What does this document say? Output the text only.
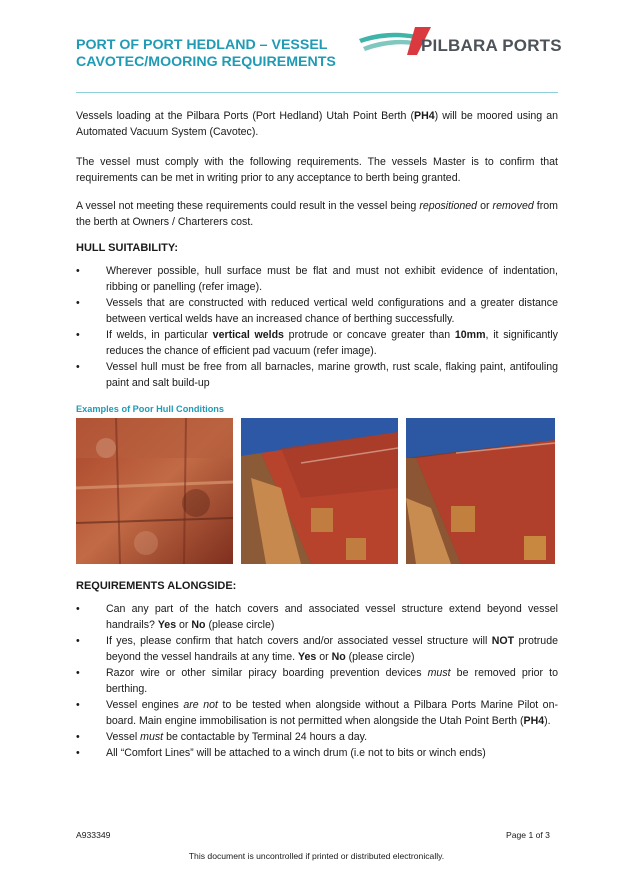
PORT OF PORT HEDLAND – VESSEL
CAVOTEC/MOORING REQUIREMENTS
PILBARA PORTS
Vessels loading at the Pilbara Ports (Port Hedland) Utah Point Berth (PH4) will be moored using an Automated Vacuum System (Cavotec).
The vessel must comply with the following requirements. The vessels Master is to confirm that requirements can be met in writing prior to any acceptance to berth being granted.
A vessel not meeting these requirements could result in the vessel being repositioned or removed from the berth at Owners / Charterers cost.
HULL SUITABILITY:
• Wherever possible, hull surface must be flat and must not exhibit evidence of indentation, ribbing or panelling (refer image).
• Vessels that are constructed with reduced vertical weld configurations and a greater distance between vertical welds have an increased chance of berthing successfully.
• If welds, in particular vertical welds protrude or concave greater than 10mm, it significantly reduces the chance of efficient pad vacuum (refer image).
• Vessel hull must be free from all barnacles, marine growth, rust scale, flaking paint, antifouling paint and salt build-up
Examples of Poor Hull Conditions
REQUIREMENTS ALONGSIDE:
• Can any part of the hatch covers and associated vessel structure extend beyond vessel handrails? Yes or No (please circle)
• If yes, please confirm that hatch covers and/or associated vessel structure will NOT protrude beyond the vessel handrails at any time. Yes or No (please circle)
• Razor wire or other similar piracy boarding prevention devices must be removed prior to berthing.
• Vessel engines are not to be tested when alongside without a Pilbara Ports Marine Pilot on-board. Main engine immobilisation is not permitted when alongside the Utah Point Berth (PH4).
• Vessel must be contactable by Terminal 24 hours a day.
• All “Comfort Lines” will be attached to a winch drum (i.e not to bits or winch ends)
A933349	Page 1 of 3
This document is uncontrolled if printed or distributed electronically.
